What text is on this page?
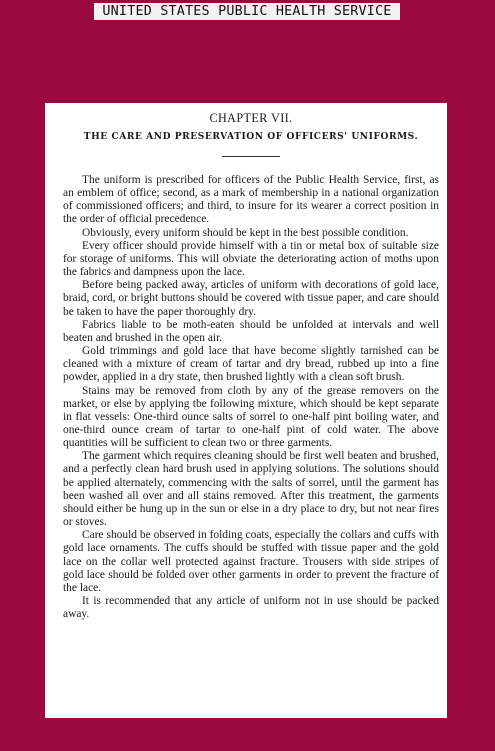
UNITED STATES PUBLIC HEALTH SERVICE
CHAPTER VII.
THE CARE AND PRESERVATION OF OFFICERS' UNIFORMS.

The uniform is prescribed for officers of the Public Health Service, first, as an emblem of office; second, as a mark of membership in a national organization of commissioned officers; and third, to insure for its wearer a correct position in the order of official precedence.

Obviously, every uniform should be kept in the best possible condition.

Every officer should provide himself with a tin or metal box of suitable size for storage of uniforms. This will obviate the deteriorating action of moths upon the fabrics and dampness upon the lace.

Before being packed away, articles of uniform with decorations of gold lace, braid, cord, or bright buttons should be covered with tissue paper, and care should be taken to have the paper thoroughly dry.

Fabrics liable to be moth-eaten should be unfolded at intervals and well beaten and brushed in the open air.

Gold trimmings and gold lace that have become slightly tarnished can be cleaned with a mixture of cream of tartar and dry bread, rubbed up into a fine powder, applied in a dry state, then brushed lightly with a clean soft brush.

Stains may be removed from cloth by any of the grease removers on the market, or else by applying tbe following mixture, which should be kept separate in flat vessels: One-third ounce salts of sorrel to one-half pint boiling water, and one-third ounce cream of tartar to one-half pint of cold water. The above quantities will be sufficient to clean two or three garments.

The garment which requires cleaning should be first well beaten and brushed, and a perfectly clean hard brush used in applying solutions. The solutions should be applied alternately, commencing with the salts of sorrel, until the garment has been washed all over and all stains removed. After this treatment, the garments should either be hung up in the sun or else in a dry place to dry, but not near fires or stoves.

Care should be observed in folding coats, especially the collars and cuffs with gold lace ornaments. The cuffs should be stuffed with tissue paper and the gold lace on the collar well protected against fracture. Trousers with side stripes of gold lace should be folded over other garments in order to prevent the fracture of the lace.

It is recommended that any article of uniform not in use should be packed away.
